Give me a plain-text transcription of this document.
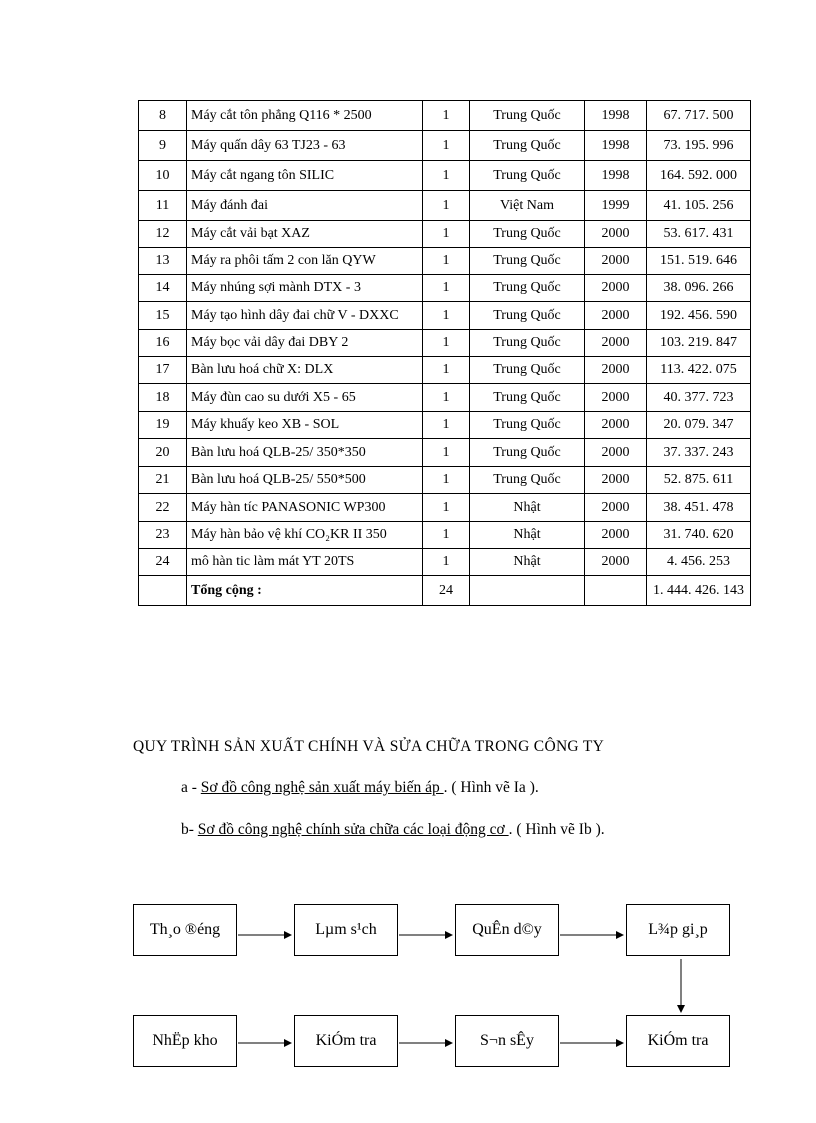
8	Máy cắt tôn phẳng Q116 * 2500	1	Trung Quốc	1998	67. 717. 500
9	Máy quấn dây 63 TJ23 - 63	1	Trung Quốc	1998	73. 195. 996
10	Máy cắt ngang tôn SILIC	1	Trung Quốc	1998	164. 592. 000
11	Máy đánh đai	1	Việt Nam	1999	41. 105. 256
12	Máy cắt vải bạt XAZ	1	Trung Quốc	2000	53. 617. 431
13	Máy ra phôi tấm 2 con lăn QYW	1	Trung Quốc	2000	151. 519. 646
14	Máy nhúng sợi mành DTX - 3	1	Trung Quốc	2000	38. 096. 266
15	Máy tạo hình dây đai chữ V - DXXC	1	Trung Quốc	2000	192. 456. 590
16	Máy bọc vải dây đai DBY 2	1	Trung Quốc	2000	103. 219. 847
17	Bàn lưu hoá chữ X: DLX	1	Trung Quốc	2000	113. 422. 075
18	Máy đùn cao su dưới X5 - 65	1	Trung Quốc	2000	40. 377. 723
19	Máy khuấy keo XB - SOL	1	Trung Quốc	2000	20. 079. 347
20	Bàn lưu hoá QLB-25/ 350*350	1	Trung Quốc	2000	37. 337. 243
21	Bàn lưu hoá QLB-25/ 550*500	1	Trung Quốc	2000	52. 875. 611
22	Máy hàn tíc PANASONIC WP300	1	Nhật	2000	38. 451. 478
23	Máy hàn bảo vệ khí CO₂KR II 350	1	Nhật	2000	31. 740. 620
24	mô hàn tic làm mát YT 20TS	1	Nhật	2000	4. 456. 253
	Tổng cộng :	24			1. 444. 426. 143
QUY TRÌNH SẢN XUẤT CHÍNH VÀ SỬA CHỮA TRONG CÔNG TY
a - Sơ đồ công nghệ sản xuất máy biến áp . ( Hình vẽ Ia ).
b- Sơ đồ công nghệ chính sửa chữa các loại động cơ . ( Hình vẽ Ib ).
Th¸o ®éng	Lµm s¹ch	QuÊn d©y	L¾p gi¸p
NhËp kho	KiÓm tra	S¬n sÊy	KiÓm tra
